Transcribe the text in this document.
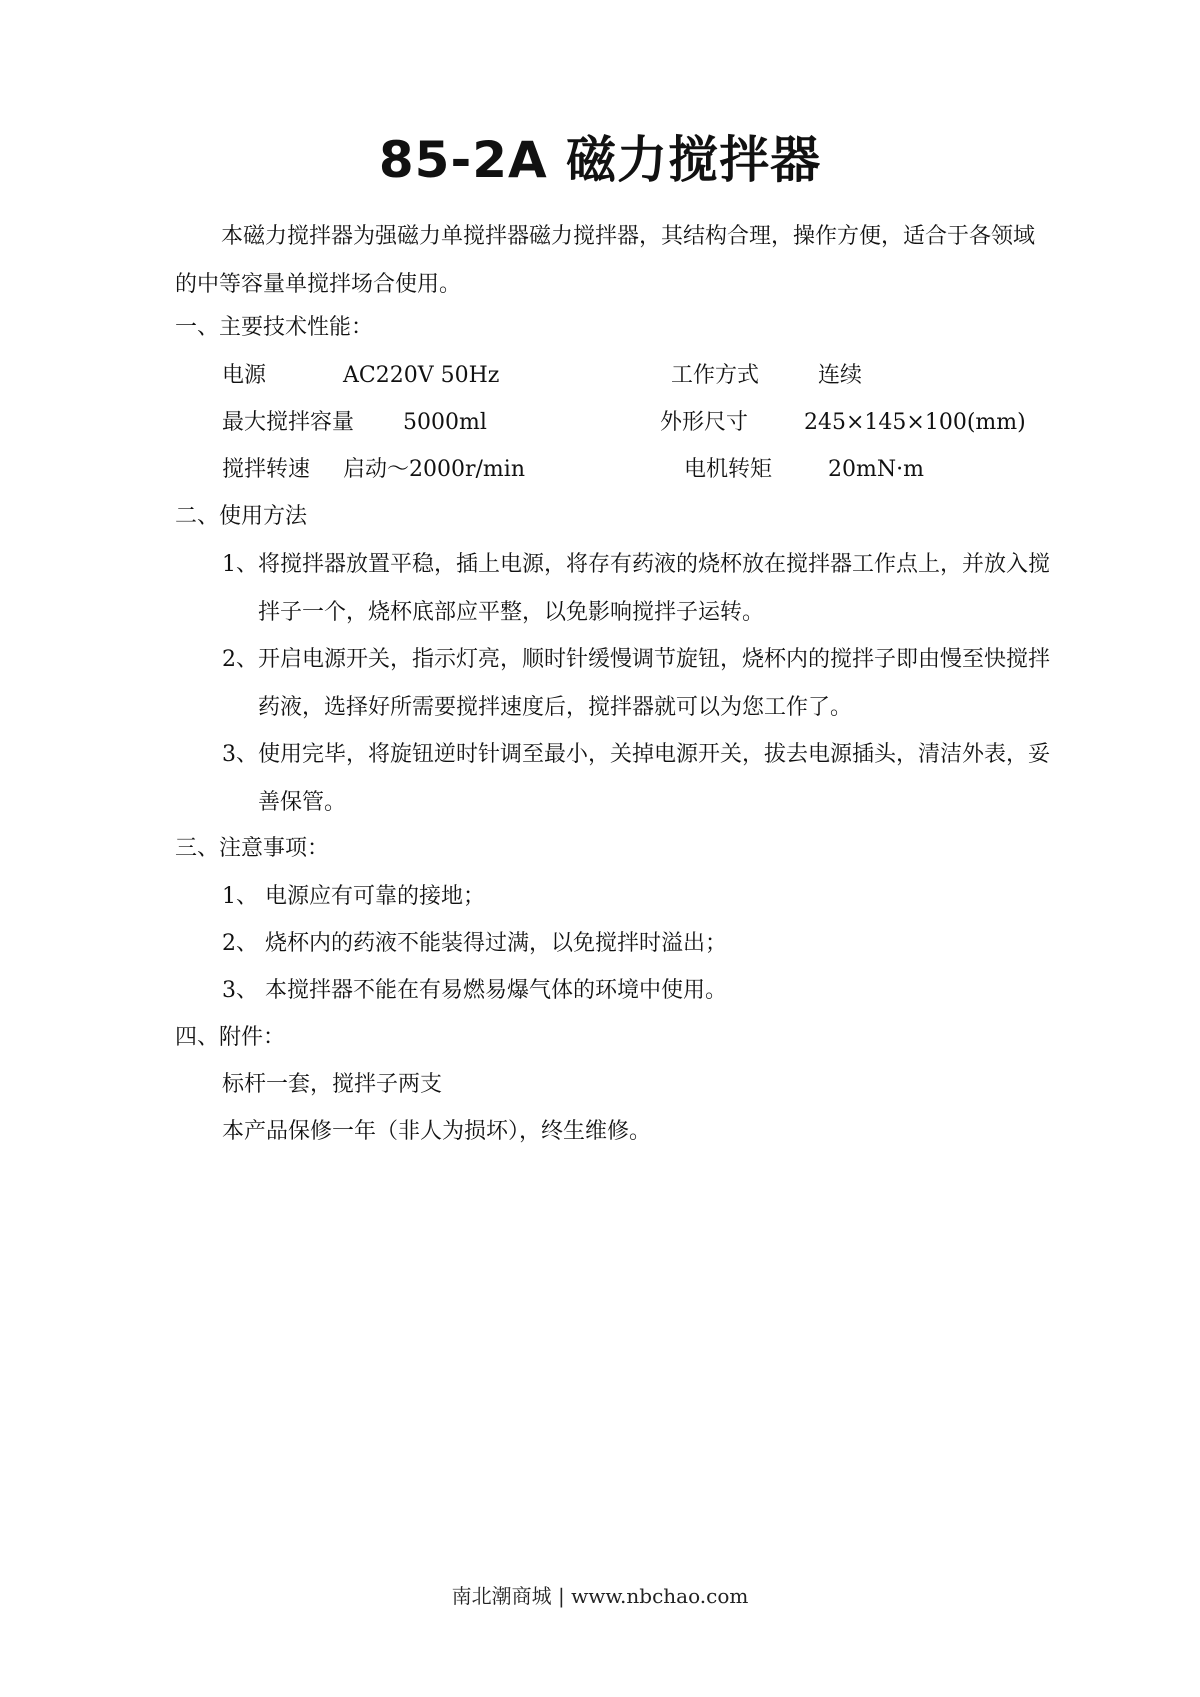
85-2A 磁力搅拌器
本磁力搅拌器为强磁力单搅拌器磁力搅拌器，其结构合理，操作方便，适合于各领域的中等容量单搅拌场合使用。
一、主要技术性能：
电源	AC220V 50Hz	工作方式	连续
最大搅拌容量 5000ml	外形尺寸	245×145×100(mm)
搅拌转速 启动～2000r/min	电机转矩	20mN·m
二、使用方法
1、将搅拌器放置平稳，插上电源，将存有药液的烧杯放在搅拌器工作点上，并放入搅拌子一个，烧杯底部应平整，以免影响搅拌子运转。
2、开启电源开关，指示灯亮，顺时针缓慢调节旋钮，烧杯内的搅拌子即由慢至快搅拌药液，选择好所需要搅拌速度后，搅拌器就可以为您工作了。
3、使用完毕，将旋钮逆时针调至最小，关掉电源开关，拔去电源插头，清洁外表，妥善保管。
三、注意事项：
1、 电源应有可靠的接地；
2、 烧杯内的药液不能装得过满，以免搅拌时溢出；
3、 本搅拌器不能在有易燃易爆气体的环境中使用。
四、附件：
标杆一套，搅拌子两支
本产品保修一年（非人为损坏），终生维修。
南北潮商城 | www.nbchao.com
